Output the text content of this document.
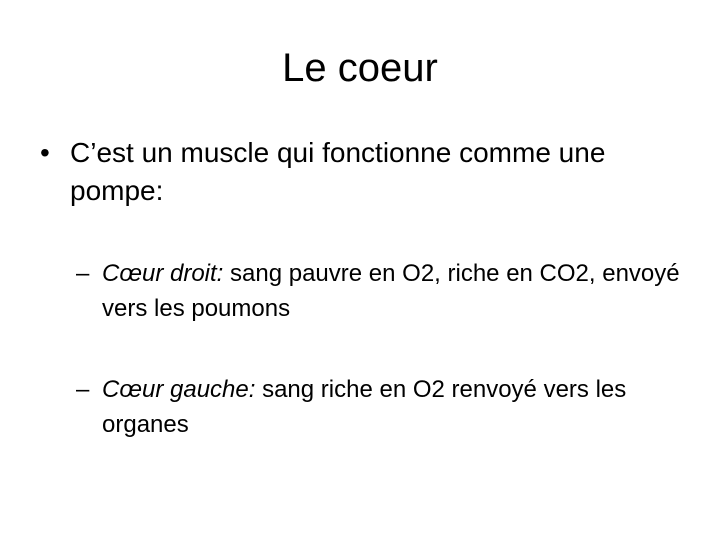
Le coeur
• C’est un muscle qui fonctionne comme une pompe:
– Cœur droit: sang pauvre en O2, riche en CO2, envoyé vers les poumons
– Cœur gauche: sang riche en O2 renvoyé vers les organes
